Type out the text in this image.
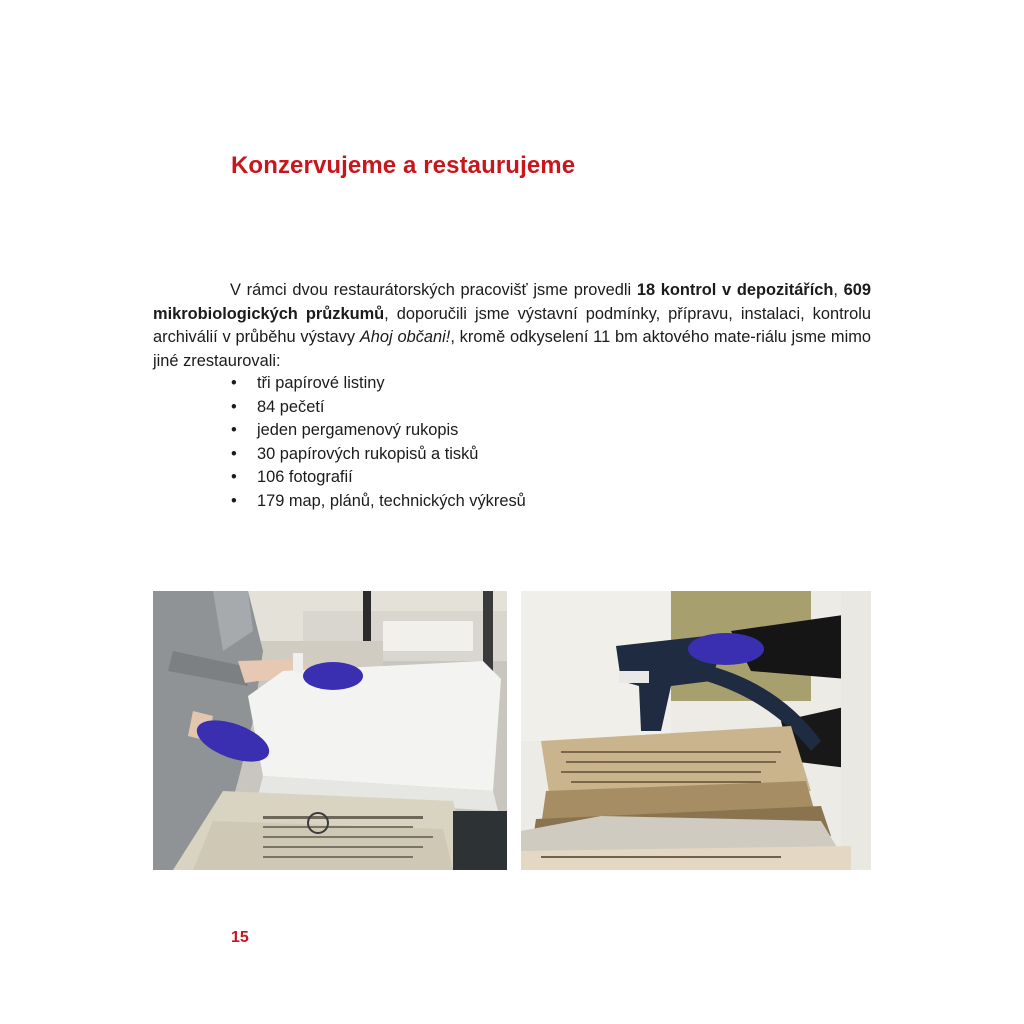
Konzervujeme a restaurujeme

V rámci dvou restaurátorských pracovišť jsme provedli 18 kontrol v depozitářích, 609 mikrobiologických průzkumů, doporučili jsme výstavní podmínky, přípravu, instalaci, kontrolu archiválií v průběhu výstavy Ahoj občani!, kromě odkyselení 11 bm aktového mate-riálu jsme mimo jiné zrestaurovali:

• tři papírové listiny
• 84 pečetí
• jeden pergamenový rukopis
• 30 papírových rukopisů a tisků
• 106 fotografií
• 179 map, plánů, technických výkresů
15
